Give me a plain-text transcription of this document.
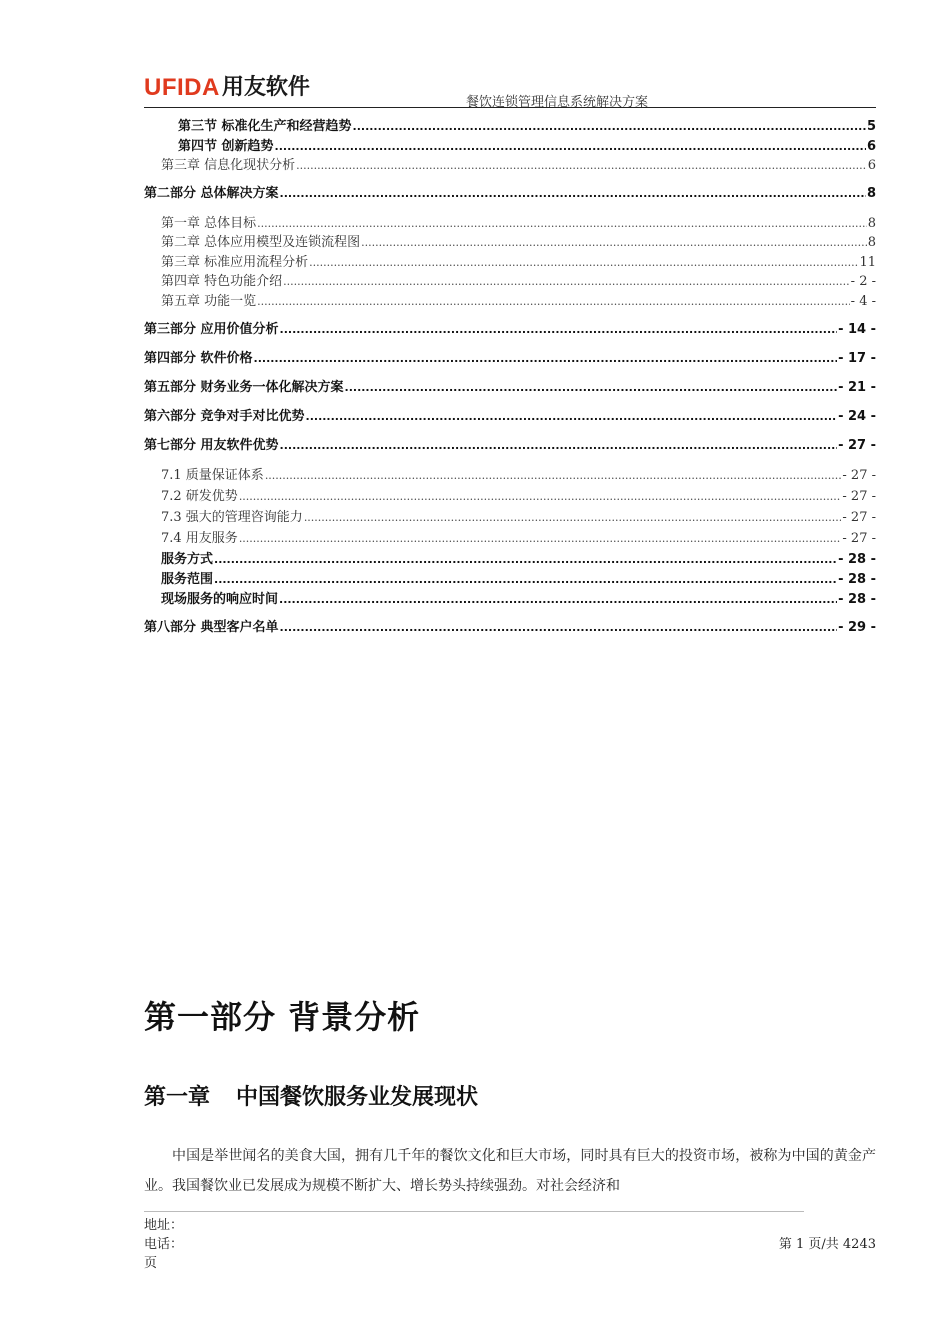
UFIDA 用友软件
餐饮连锁管理信息系统解决方案
第三节 标准化生产和经营趋势 .....	5
第四节 创新趋势 .....	6
第三章 信息化现状分析 .....	6
第二部分 总体解决方案 .....	8
第一章 总体目标 .....	8
第二章 总体应用模型及连锁流程图 .....	8
第三章 标准应用流程分析 .....	11
第四章 特色功能介绍 .....	- 2 -
第五章 功能一览 .....	- 4 -
第三部分 应用价值分析 .....	- 14 -
第四部分 软件价格 .....	- 17 -
第五部分 财务业务一体化解决方案 .....	- 21 -
第六部分 竞争对手对比优势 .....	- 24 -
第七部分 用友软件优势 .....	- 27 -
7.1 质量保证体系 .....	- 27 -
7.2 研发优势 .....	- 27 -
7.3 强大的管理咨询能力 .....	- 27 -
7.4 用友服务 .....	- 27 -
服务方式 .....	- 28 -
服务范围 .....	- 28 -
现场服务的响应时间 .....	- 28 -
第八部分 典型客户名单 .....	- 29 -
第一部分 背景分析
第一章 中国餐饮服务业发展现状
中国是举世闻名的美食大国，拥有几千年的餐饮文化和巨大市场，同时具有巨大的投资市场，被称为中国的黄金产业。我国餐饮业已发展成为规模不断扩大、增长势头持续强劲。对社会经济和
地址：
电话：
页
第 1 页/共 4243
